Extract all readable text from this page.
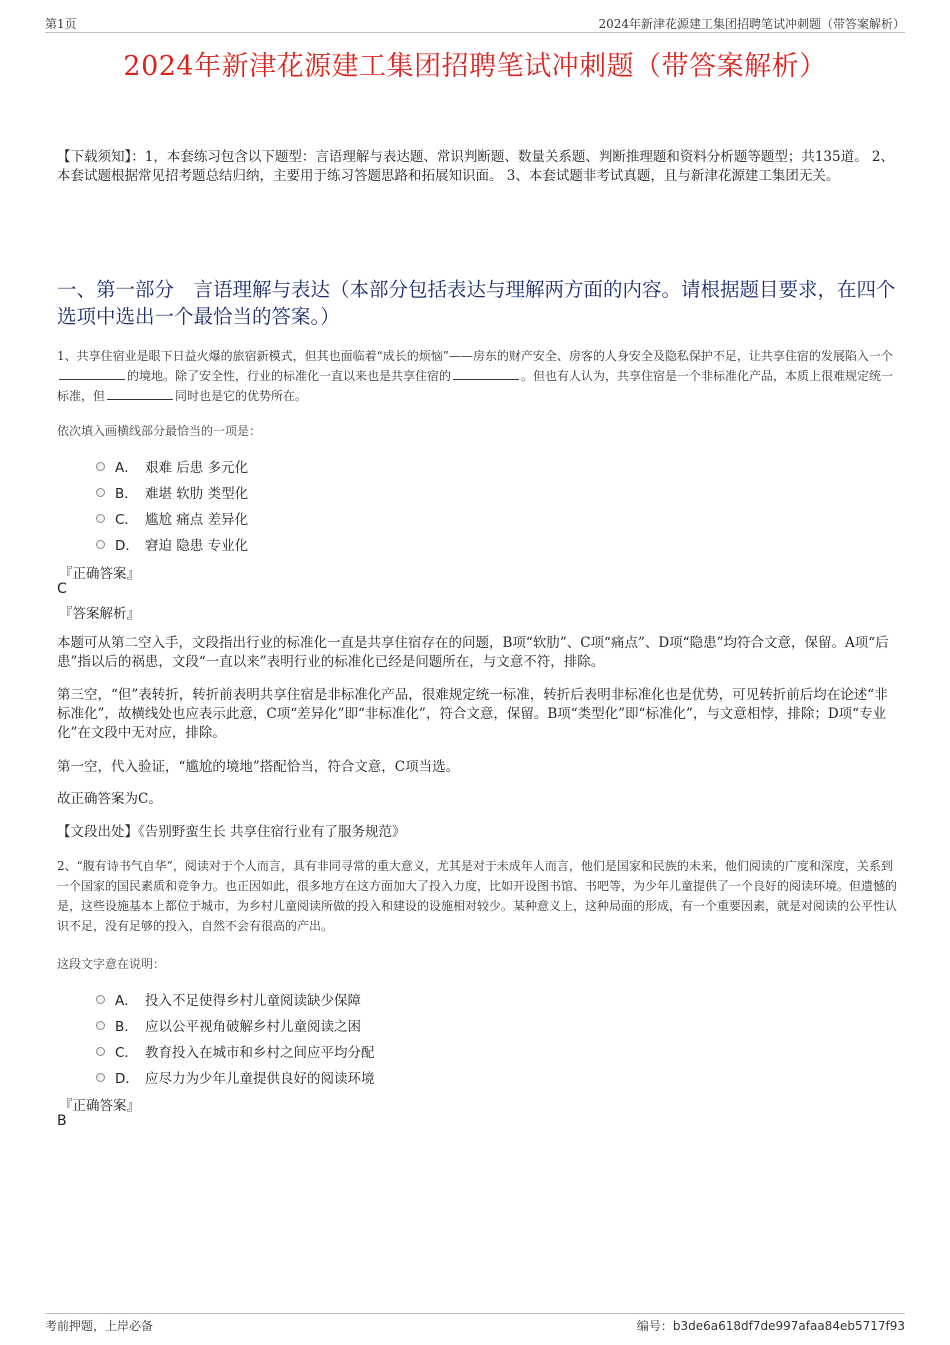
第1页	2024年新津花源建工集团招聘笔试冲刺题（带答案解析）
2024年新津花源建工集团招聘笔试冲刺题（带答案解析）
【下载须知】：1，本套练习包含以下题型：言语理解与表达题、常识判断题、数量关系题、判断推理题和资料分析题等题型；共135道。 2、本套试题根据常见招考题总结归纳，主要用于练习答题思路和拓展知识面。 3、本套试题非考试真题，且与新津花源建工集团无关。
一、第一部分　言语理解与表达（本部分包括表达与理解两方面的内容。请根据题目要求，在四个选项中选出一个最恰当的答案。）
1、共享住宿业是眼下日益火爆的旅宿新模式，但其也面临着“成长的烦恼”——房东的财产安全、房客的人身安全及隐私保护不足，让共享住宿的发展陷入一个的境地。除了安全性，行业的标准化一直以来也是共享住宿的	。但也有人认为，共享住宿是一个非标准化产品，本质上很难规定统一标准，但	同时也是它的优势所在。
依次填入画横线部分最恰当的一项是：
A． 艰难 后患 多元化
B． 难堪 软肋 类型化
C． 尴尬 痛点 差异化
D． 窘迫 隐患 专业化
『正确答案』
C
『答案解析』
本题可从第二空入手，文段指出行业的标准化一直是共享住宿存在的问题，B项“软肋”、C项“痛点”、D项“隐患”均符合文意，保留。A项“后患”指以后的祸患，文段“一直以来”表明行业的标准化已经是问题所在，与文意不符，排除。
第三空，“但”表转折，转折前表明共享住宿是非标准化产品，很难规定统一标准，转折后表明非标准化也是优势，可见转折前后均在论述“非标准化”，故横线处也应表示此意，C项“差异化”即“非标准化”，符合文意，保留。B项“类型化”即“标准化”，与文意相悖，排除；D项“专业化”在文段中无对应，排除。
第一空，代入验证，“尴尬的境地”搭配恰当，符合文意，C项当选。
故正确答案为C。
【文段出处】《告别野蛮生长 共享住宿行业有了服务规范》
2、“腹有诗书气自华”，阅读对于个人而言，具有非同寻常的重大意义，尤其是对于未成年人而言，他们是国家和民族的未来，他们阅读的广度和深度，关系到一个国家的国民素质和竞争力。也正因如此，很多地方在这方面加大了投入力度，比如开设图书馆、书吧等，为少年儿童提供了一个良好的阅读环境。但遗憾的是，这些设施基本上都位于城市，为乡村儿童阅读所做的投入和建设的设施相对较少。某种意义上，这种局面的形成，有一个重要因素，就是对阅读的公平性认识不足，没有足够的投入，自然不会有很高的产出。
这段文字意在说明：
A． 投入不足使得乡村儿童阅读缺少保障
B． 应以公平视角破解乡村儿童阅读之困
C． 教育投入在城市和乡村之间应平均分配
D． 应尽力为少年儿童提供良好的阅读环境
『正确答案』
B
考前押题，上岸必备	编号：b3de6a618df7de997afaa84eb5717f93
